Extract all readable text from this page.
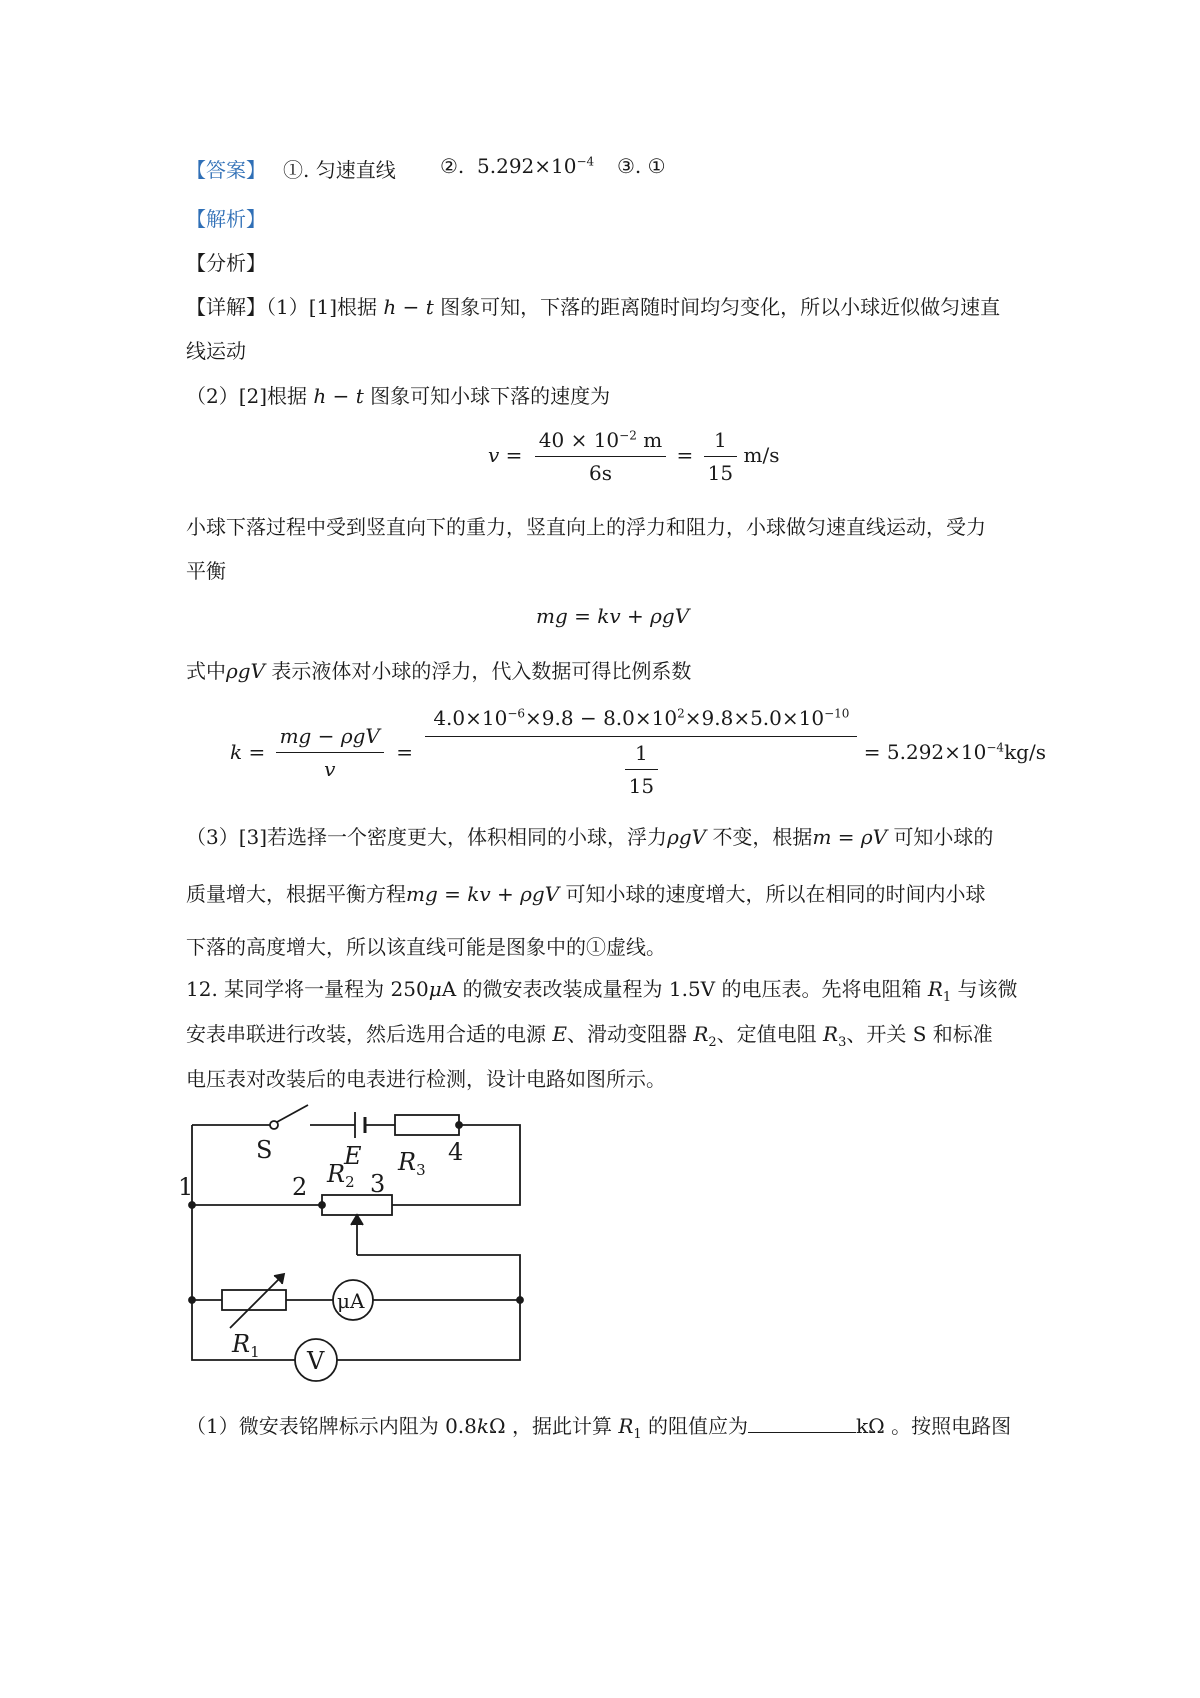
【答案】 ①. 匀速直线 ②. $5.292\times 10^{-4}$ ③. ①
【解析】
【分析】
【详解】（1）[1]根据 h − t 图象可知，下落的距离随时间均匀变化，所以小球近似做匀速直
线运动
（2）[2]根据 h − t 图象可知小球下落的速度为
$v = \frac{40 \times 10^{-2} m}{6s} = \frac{1}{15} m/s$
小球下落过程中受到竖直向下的重力，竖直向上的浮力和阻力，小球做匀速直线运动，受力
平衡
mg = kv + ρgV
式中ρgV 表示液体对小球的浮力，代入数据可得比例系数
$k = \frac{\text{mg − ρgV}}{v} = \frac{4.0\times 10^{-6}\times 9.8 - 8.0\times 10^2\times 9.8\times 5.0\times 10^{-10}}{\frac{1}{15}} = 5.292\times 10^{-4}kg/s$
（3）[3]若选择一个密度更大，体积相同的小球，浮力ρgV 不变，根据m = ρV 可知小球的
质量增大，根据平衡方程mg = kv + ρgV 可知小球的速度增大，所以在相同的时间内小球
下落的高度增大，所以该直线可能是图象中的①虚线。
12. 某同学将一量程为 250μA 的微安表改装成量程为 1.5V 的电压表。先将电阻箱 $R_1$ 与该微
安表串联进行改装，然后选用合适的电源 E、滑动变阻器 $R_2$、定值电阻 $R_3$、开关 S 和标准
电压表对改装后的电表进行检测，设计电路如图所示。
S	E $R_3$
4
1	2	3
$R_2$
$R_1$
μA
V
（1）微安表铭牌标示内阻为 0.8kΩ ，据此计算 $R_1$ 的阻值应为	kΩ 。按照电路图
